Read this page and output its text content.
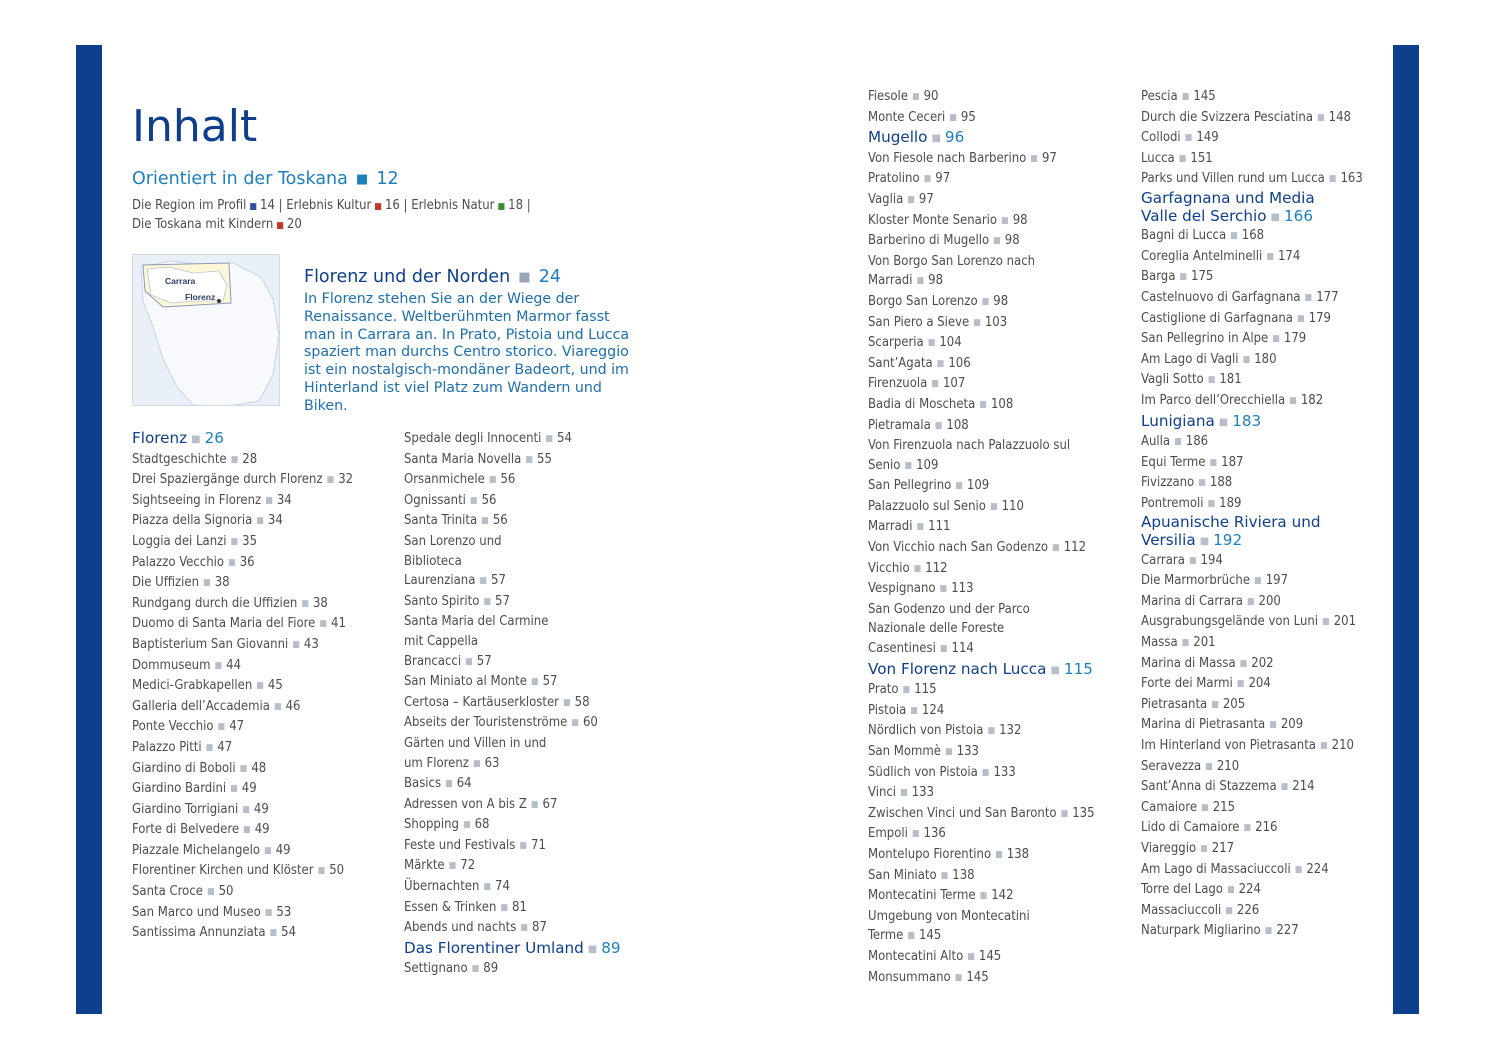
Inhalt
Orientiert in der Toskana ■ 12
Die Region im Profil ■ 14 | Erlebnis Kultur ■ 16 | Erlebnis Natur ■ 18 |
Die Toskana mit Kindern ■ 20
Carrara
Florenz
Florenz und der Norden ■ 24
In Florenz stehen Sie an der Wiege der Renaissance. Weltberühmten Marmor fasst man in Carrara an. In Prato, Pistoia und Lucca spaziert man durchs Centro storico. Viareggio ist ein nostalgisch-mondäner Badeort, und im Hinterland ist viel Platz zum Wandern und Biken.
Florenz ■ 26
Stadtgeschichte ■ 28
Drei Spaziergänge durch Florenz ■ 32
Sightseeing in Florenz ■ 34
Piazza della Signoria ■ 34
Loggia dei Lanzi ■ 35
Palazzo Vecchio ■ 36
Die Uffizien ■ 38
Rundgang durch die Uffizien ■ 38
Duomo di Santa Maria del Fiore ■ 41
Baptisterium San Giovanni ■ 43
Dommuseum ■ 44
Medici-Grabkapellen ■ 45
Galleria dell’Accademia ■ 46
Ponte Vecchio ■ 47
Palazzo Pitti ■ 47
Giardino di Boboli ■ 48
Giardino Bardini ■ 49
Giardino Torrigiani ■ 49
Forte di Belvedere ■ 49
Piazzale Michelangelo ■ 49
Florentiner Kirchen und Klöster ■ 50
Santa Croce ■ 50
San Marco und Museo ■ 53
Santissima Annunziata ■ 54
Spedale degli Innocenti ■ 54
Santa Maria Novella ■ 55
Orsanmichele ■ 56
Ognissanti ■ 56
Santa Trinita ■ 56
San Lorenzo und Biblioteca Laurenziana ■ 57
Santo Spirito ■ 57
Santa Maria del Carmine mit Cappella Brancacci ■ 57
San Miniato al Monte ■ 57
Certosa – Kartäuserkloster ■ 58
Abseits der Touristenströme ■ 60
Gärten und Villen in und um Florenz ■ 63
Basics ■ 64
Adressen von A bis Z ■ 67
Shopping ■ 68
Feste und Festivals ■ 71
Märkte ■ 72
Übernachten ■ 74
Essen & Trinken ■ 81
Abends und nachts ■ 87
Das Florentiner Umland ■ 89
Settignano ■ 89
Fiesole ■ 90
Monte Ceceri ■ 95
Mugello ■ 96
Von Fiesole nach Barberino ■ 97
Pratolino ■ 97
Vaglia ■ 97
Kloster Monte Senario ■ 98
Barberino di Mugello ■ 98
Von Borgo San Lorenzo nach Marradi ■ 98
Borgo San Lorenzo ■ 98
San Piero a Sieve ■ 103
Scarperia ■ 104
Sant’Agata ■ 106
Firenzuola ■ 107
Badia di Moscheta ■ 108
Pietramala ■ 108
Von Firenzuola nach Palazzuolo sul Senio ■ 109
San Pellegrino ■ 109
Palazzuolo sul Senio ■ 110
Marradi ■ 111
Von Vicchio nach San Godenzo ■ 112
Vicchio ■ 112
Vespignano ■ 113
San Godenzo und der Parco Nazionale delle Foreste Casentinesi ■ 114
Von Florenz nach Lucca ■ 115
Prato ■ 115
Pistoia ■ 124
Nördlich von Pistoia ■ 132
San Mommè ■ 133
Südlich von Pistoia ■ 133
Vinci ■ 133
Zwischen Vinci und San Baronto ■ 135
Empoli ■ 136
Montelupo Fiorentino ■ 138
San Miniato ■ 138
Montecatini Terme ■ 142
Umgebung von Montecatini Terme ■ 145
Montecatini Alto ■ 145
Monsummano ■ 145
Pescia ■ 145
Durch die Svizzera Pesciatina ■ 148
Collodi ■ 149
Lucca ■ 151
Parks und Villen rund um Lucca ■ 163
Garfagnana und Media Valle del Serchio ■ 166
Bagni di Lucca ■ 168
Coreglia Antelminelli ■ 174
Barga ■ 175
Castelnuovo di Garfagnana ■ 177
Castiglione di Garfagnana ■ 179
San Pellegrino in Alpe ■ 179
Am Lago di Vagli ■ 180
Vagli Sotto ■ 181
Im Parco dell’Orecchiella ■ 182
Lunigiana ■ 183
Aulla ■ 186
Equi Terme ■ 187
Fivizzano ■ 188
Pontremoli ■ 189
Apuanische Riviera und Versilia ■ 192
Carrara ■ 194
Die Marmorbrüche ■ 197
Marina di Carrara ■ 200
Ausgrabungsgelände von Luni ■ 201
Massa ■ 201
Marina di Massa ■ 202
Forte dei Marmi ■ 204
Pietrasanta ■ 205
Marina di Pietrasanta ■ 209
Im Hinterland von Pietrasanta ■ 210
Seravezza ■ 210
Sant’Anna di Stazzema ■ 214
Camaiore ■ 215
Lido di Camaiore ■ 216
Viareggio ■ 217
Am Lago di Massaciuccoli ■ 224
Torre del Lago ■ 224
Massaciuccoli ■ 226
Naturpark Migliarino ■ 227
